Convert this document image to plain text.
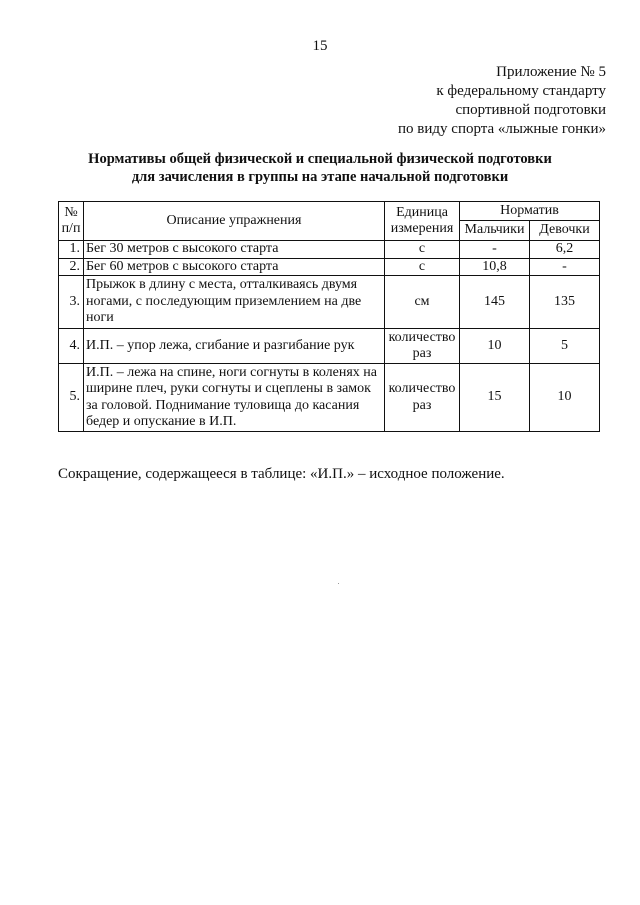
15
Приложение № 5
к федеральному стандарту
спортивной подготовки
по виду спорта «лыжные гонки»
Нормативы общей физической и специальной физической подготовки
для зачисления в группы на этапе начальной подготовки
№ п/п	Описание упражнения	Единица измерения	Норматив	
			Мальчики	Девочки
1.	Бег 30 метров с высокого старта	с	-	6,2
2.	Бег 60 метров с высокого старта	с	10,8	-
3.	Прыжок в длину с места, отталкиваясь двумя ногами, с последующим приземлением на две ноги	см	145	135
4.	И.П. – упор лежа, сгибание и разгибание рук	количество раз	10	5
5.	И.П. – лежа на спине, ноги согнуты в коленях на ширине плеч, руки согнуты и сцеплены в замок за головой. Поднимание туловища до касания бедер и опускание в И.П.	количество раз	15	10
Сокращение, содержащееся в таблице: «И.П.» – исходное положение.
